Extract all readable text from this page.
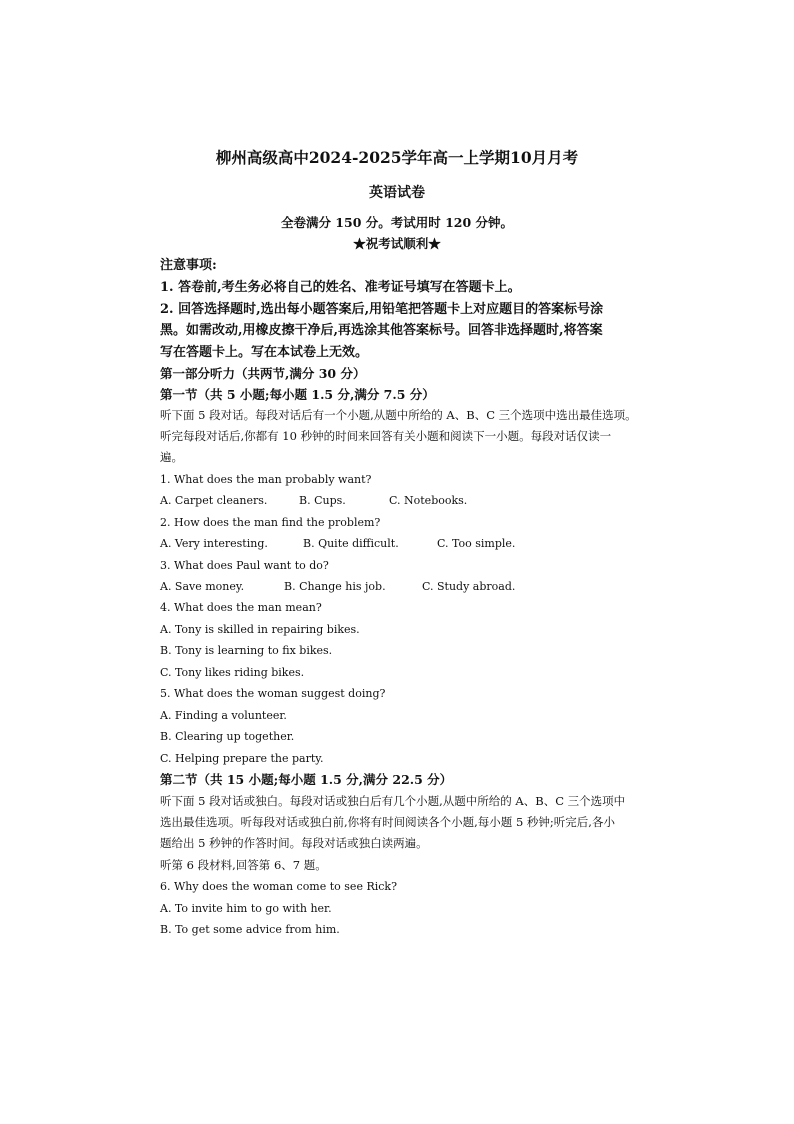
柳州高级高中2024-2025学年高一上学期10月月考

英语试卷

全卷满分 150 分。考试用时 120 分钟。

★祝考试顺利★

注意事项:

1. 答卷前,考生务必将自己的姓名、准考证号填写在答题卡上。

2. 回答选择题时,选出每小题答案后,用铅笔把答题卡上对应题目的答案标号涂

黑。如需改动,用橡皮擦干净后,再选涂其他答案标号。回答非选择题时,将答案

写在答题卡上。写在本试卷上无效。

第一部分听力（共两节,满分 30 分）

第一节（共 5 小题;每小题 1.5 分,满分 7.5 分）

听下面 5 段对话。每段对话后有一个小题,从题中所给的 A、B、C 三个选项中选出最佳选项。

听完每段对话后,你都有 10 秒钟的时间来回答有关小题和阅读下一小题。每段对话仅读一

遍。

1. What does the man probably want?

A. Carpet cleaners.	B. Cups.	C. Notebooks.

2. How does the man find the problem?

A. Very interesting.	B. Quite difficult.	C. Too simple.

3. What does Paul want to do?

A. Save money.	B. Change his job.	C. Study abroad.

4. What does the man mean?

A. Tony is skilled in repairing bikes.

B. Tony is learning to fix bikes.

C. Tony likes riding bikes.

5. What does the woman suggest doing?

A. Finding a volunteer.

B. Clearing up together.

C. Helping prepare the party.

第二节（共 15 小题;每小题 1.5 分,满分 22.5 分）

听下面 5 段对话或独白。每段对话或独白后有几个小题,从题中所给的 A、B、C 三个选项中

选出最佳选项。听每段对话或独白前,你将有时间阅读各个小题,每小题 5 秒钟;听完后,各小

题给出 5 秒钟的作答时间。每段对话或独白读两遍。

听第 6 段材料,回答第 6、7 题。

6. Why does the woman come to see Rick?

A. To invite him to go with her.

B. To get some advice from him.
